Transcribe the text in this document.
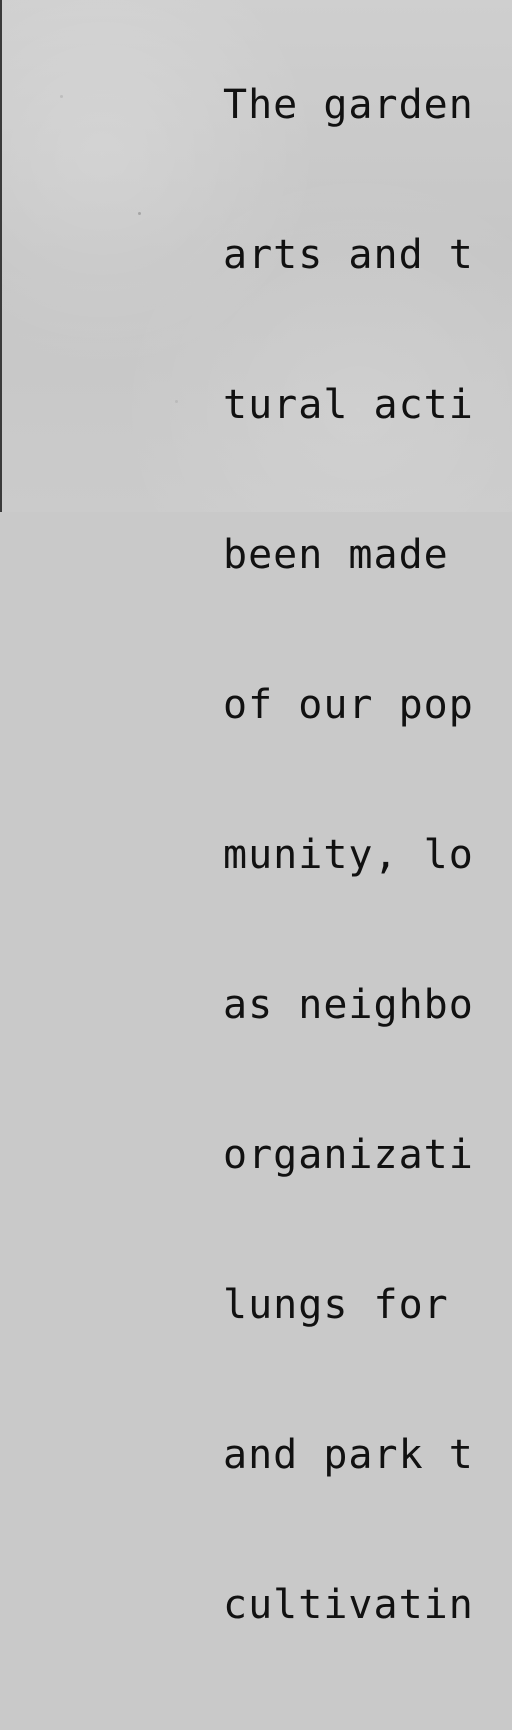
The garden

arts and t

tural acti

been made

of our pop

munity, lo

as neighbo

organizati

lungs for

and park t

cultivatin
